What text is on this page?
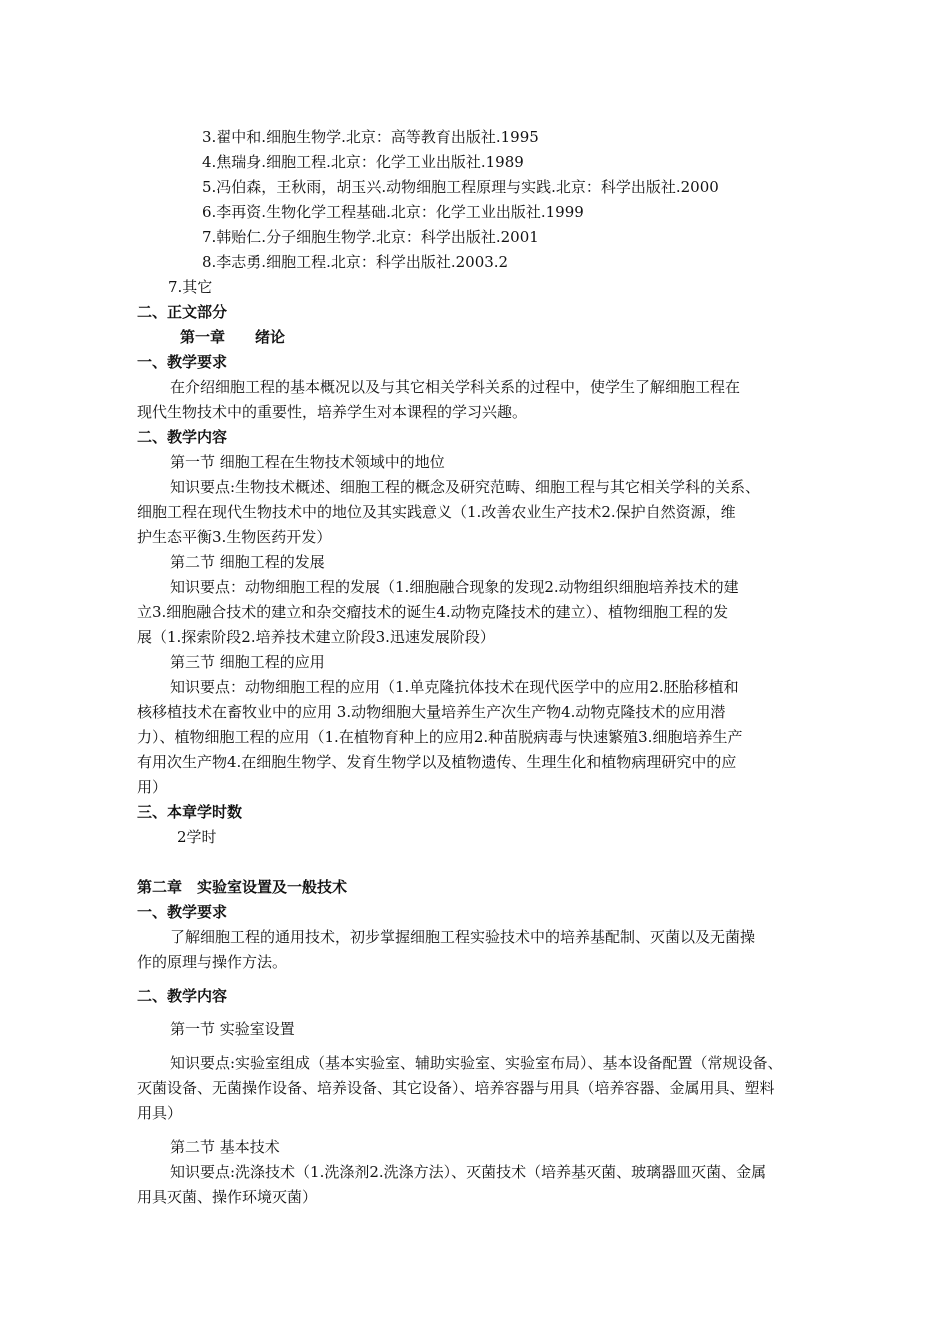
3.翟中和.细胞生物学.北京：高等教育出版社.1995
4.焦瑞身.细胞工程.北京：化学工业出版社.1989
5.冯伯森，王秋雨，胡玉兴.动物细胞工程原理与实践.北京：科学出版社.2000
6.李再资.生物化学工程基础.北京：化学工业出版社.1999
7.韩贻仁.分子细胞生物学.北京：科学出版社.2001
8.李志勇.细胞工程.北京：科学出版社.2003.2
7.其它
二、正文部分
第一章　　绪论
一、教学要求
在介绍细胞工程的基本概况以及与其它相关学科关系的过程中，使学生了解细胞工程在
现代生物技术中的重要性，培养学生对本课程的学习兴趣。
二、教学内容
第一节 细胞工程在生物技术领域中的地位
知识要点:生物技术概述、细胞工程的概念及研究范畴、细胞工程与其它相关学科的关系、
细胞工程在现代生物技术中的地位及其实践意义（1.改善农业生产技术2.保护自然资源，维
护生态平衡3.生物医药开发）
第二节 细胞工程的发展
知识要点：动物细胞工程的发展（1.细胞融合现象的发现2.动物组织细胞培养技术的建
立3.细胞融合技术的建立和杂交瘤技术的诞生4.动物克隆技术的建立）、植物细胞工程的发
展（1.探索阶段2.培养技术建立阶段3.迅速发展阶段）
第三节 细胞工程的应用
知识要点：动物细胞工程的应用（1.单克隆抗体技术在现代医学中的应用2.胚胎移植和
核移植技术在畜牧业中的应用 3.动物细胞大量培养生产次生产物4.动物克隆技术的应用潜
力）、植物细胞工程的应用（1.在植物育种上的应用2.种苗脱病毒与快速繁殖3.细胞培养生产
有用次生产物4.在细胞生物学、发育生物学以及植物遗传、生理生化和植物病理研究中的应
用）
三、本章学时数
2学时
第二章　实验室设置及一般技术
一、教学要求
了解细胞工程的通用技术，初步掌握细胞工程实验技术中的培养基配制、灭菌以及无菌操
作的原理与操作方法。
二、教学内容
第一节 实验室设置
知识要点:实验室组成（基本实验室、辅助实验室、实验室布局）、基本设备配置（常规设备、
灭菌设备、无菌操作设备、培养设备、其它设备）、培养容器与用具（培养容器、金属用具、塑料
用具）
第二节 基本技术
知识要点:洗涤技术（1.洗涤剂2.洗涤方法）、灭菌技术（培养基灭菌、玻璃器皿灭菌、金属
用具灭菌、操作环境灭菌）
